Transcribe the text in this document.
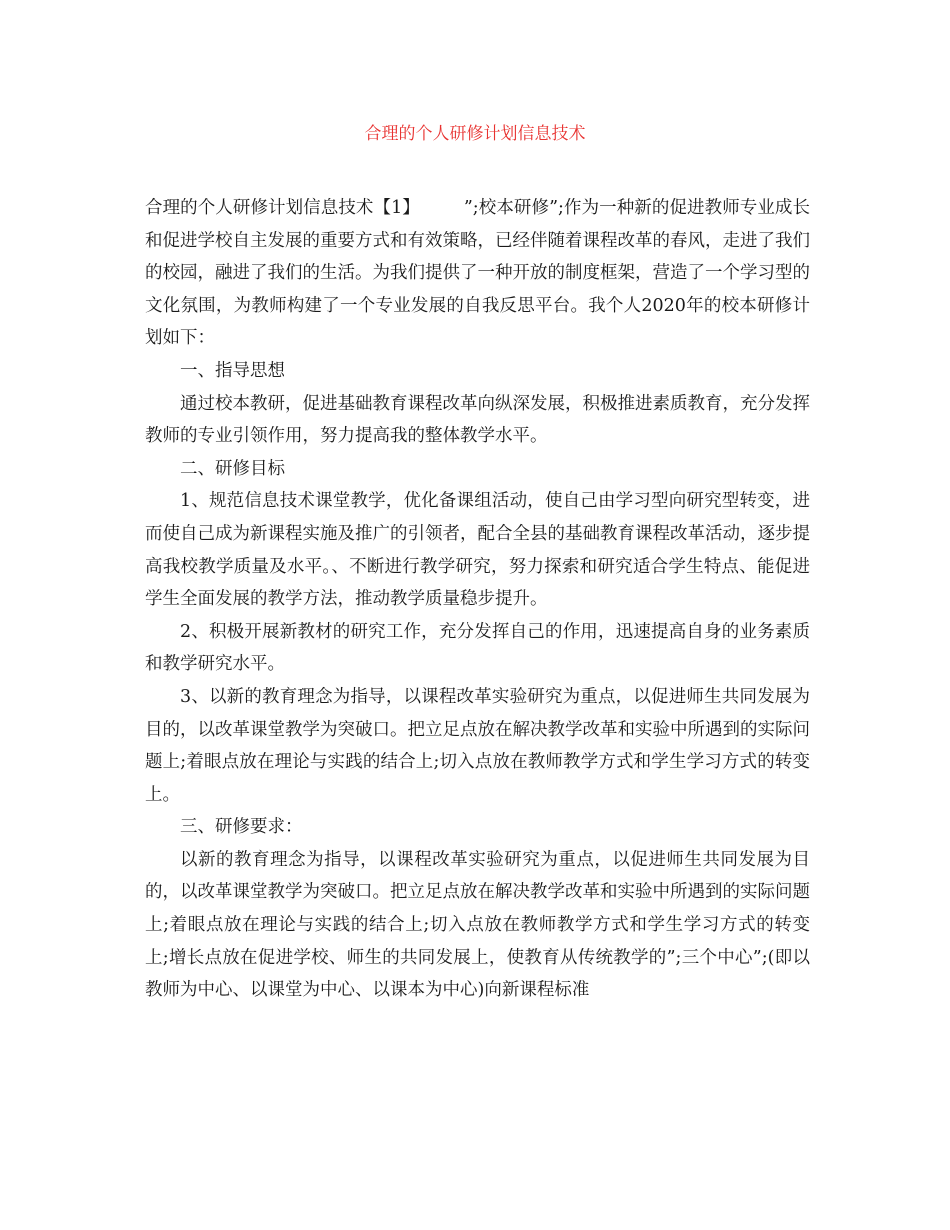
合理的个人研修计划信息技术

合理的个人研修计划信息技术【1】	”;校本研修”;作为一种新的促进教师专业成长和促进学校自主发展的重要方式和有效策略，已经伴随着课程改革的春风，走进了我们的校园，融进了我们的生活。为我们提供了一种开放的制度框架，营造了一个学习型的文化氛围，为教师构建了一个专业发展的自我反思平台。我个人2020年的校本研修计划如下：

一、指导思想

通过校本教研，促进基础教育课程改革向纵深发展，积极推进素质教育，充分发挥教师的专业引领作用，努力提高我的整体教学水平。

二、研修目标

1、规范信息技术课堂教学，优化备课组活动，使自己由学习型向研究型转变，进而使自己成为新课程实施及推广的引领者，配合全县的基础教育课程改革活动，逐步提高我校教学质量及水平。、不断进行教学研究，努力探索和研究适合学生特点、能促进学生全面发展的教学方法，推动教学质量稳步提升。

2、积极开展新教材的研究工作，充分发挥自己的作用，迅速提高自身的业务素质和教学研究水平。

3、以新的教育理念为指导，以课程改革实验研究为重点，以促进师生共同发展为目的，以改革课堂教学为突破口。把立足点放在解决教学改革和实验中所遇到的实际问题上;着眼点放在理论与实践的结合上;切入点放在教师教学方式和学生学习方式的转变上。

三、研修要求：

以新的教育理念为指导，以课程改革实验研究为重点，以促进师生共同发展为目的，以改革课堂教学为突破口。把立足点放在解决教学改革和实验中所遇到的实际问题上;着眼点放在理论与实践的结合上;切入点放在教师教学方式和学生学习方式的转变上;增长点放在促进学校、师生的共同发展上，使教育从传统教学的”;三个中心”;(即以教师为中心、以课堂为中心、以课本为中心)向新课程标准
